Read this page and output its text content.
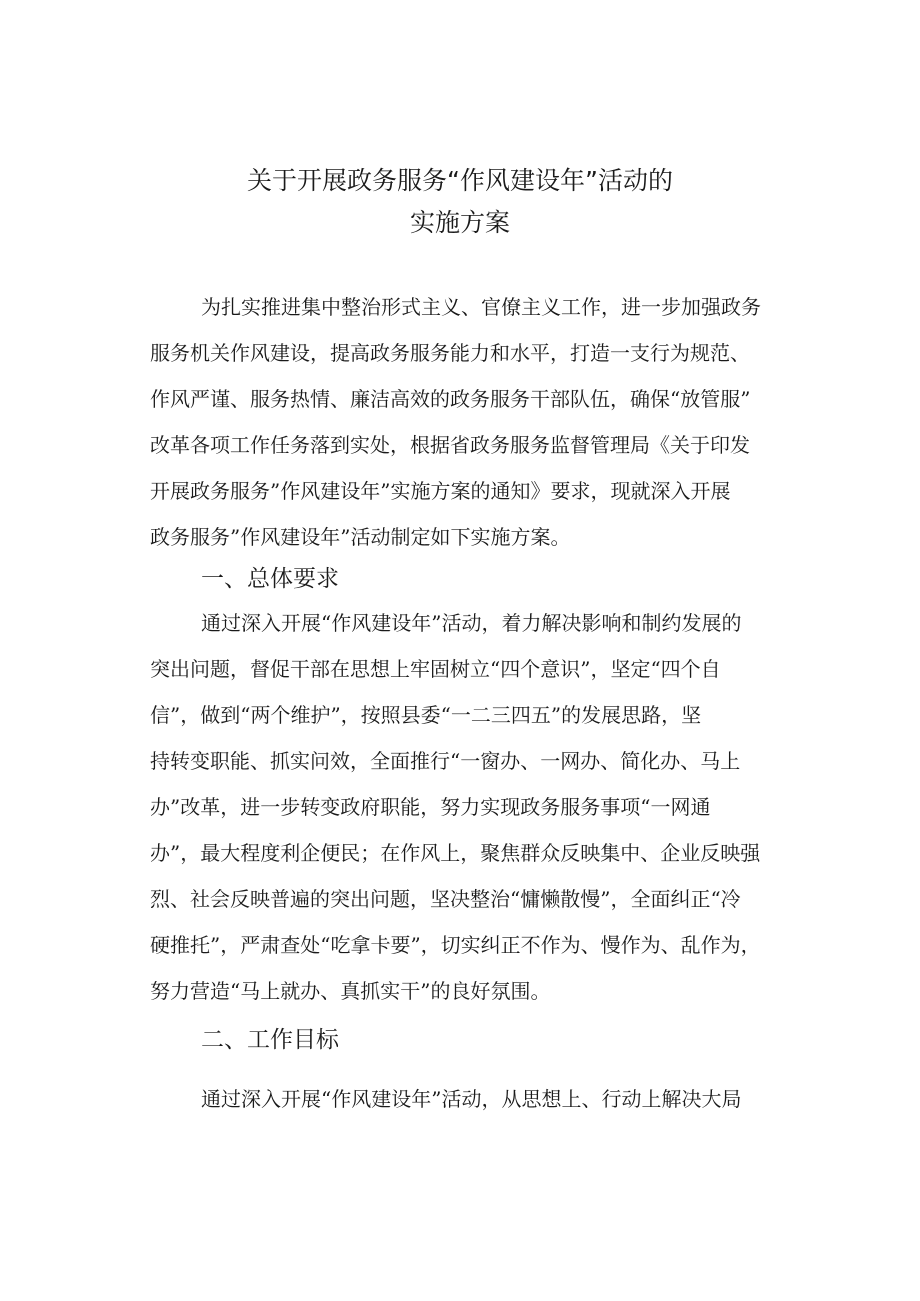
关于开展政务服务“作风建设年”活动的
实施方案

为扎实推进集中整治形式主义、官僚主义工作，进一步加强政务

服务机关作风建设，提高政务服务能力和水平，打造一支行为规范、

作风严谨、服务热情、廉洁高效的政务服务干部队伍，确保“放管服”

改革各项工作任务落到实处，根据省政务服务监督管理局《关于印发

开展政务服务”作风建设年”实施方案的通知》要求，现就深入开展

政务服务”作风建设年”活动制定如下实施方案。

一、总体要求

通过深入开展“作风建设年”活动，着力解决影响和制约发展的

突出问题，督促干部在思想上牢固树立“四个意识”，坚定“四个自

信”，做到“两个维护”，按照县委“一二三四五”的发展思路，坚

持转变职能、抓实问效，全面推行“一窗办、一网办、简化办、马上

办”改革，进一步转变政府职能，努力实现政务服务事项“一网通

办”，最大程度利企便民；在作风上，聚焦群众反映集中、企业反映强

烈、社会反映普遍的突出问题，坚决整治“慵懒散慢”，全面纠正“冷

硬推托”，严肃查处“吃拿卡要”，切实纠正不作为、慢作为、乱作为，

努力营造“马上就办、真抓实干”的良好氛围。

二、工作目标

通过深入开展“作风建设年”活动，从思想上、行动上解决大局
